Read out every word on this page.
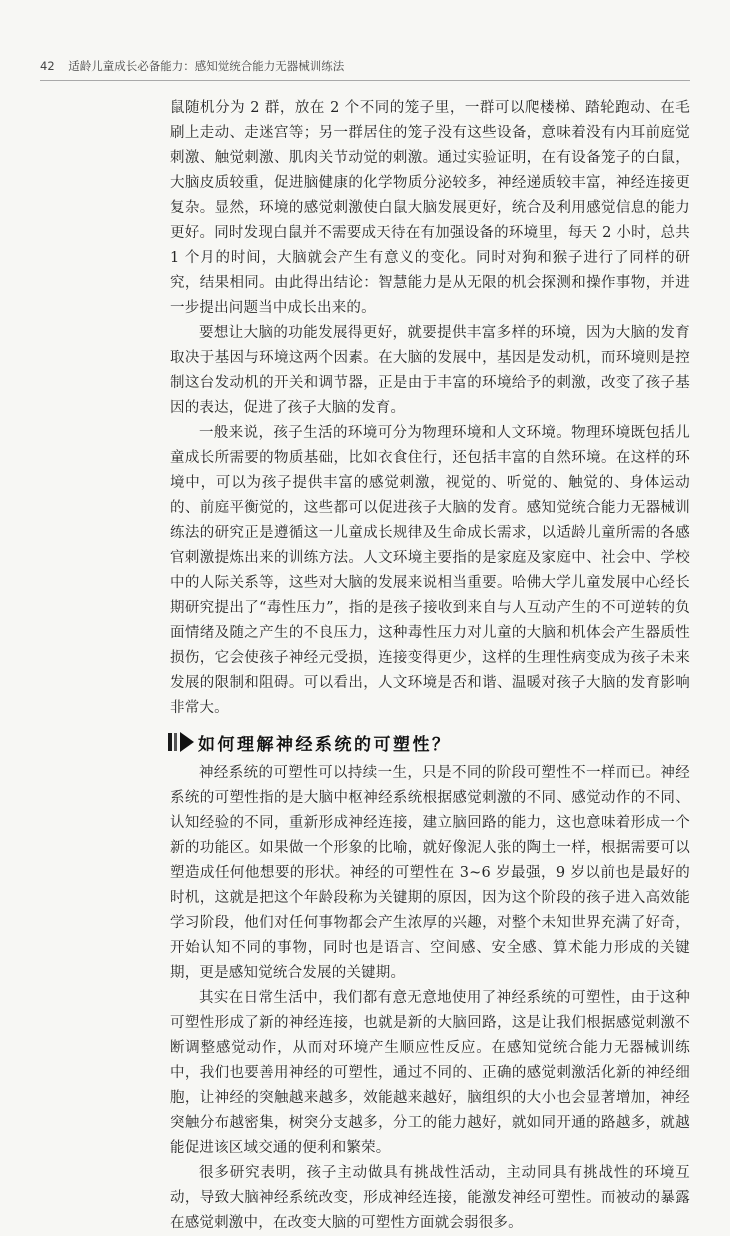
42 适龄儿童成长必备能力：感知觉统合能力无器械训练法

鼠随机分为 2 群，放在 2 个不同的笼子里，一群可以爬楼梯、踏轮跑动、在毛刷上走动、走迷宫等；另一群居住的笼子没有这些设备，意味着没有内耳前庭觉刺激、触觉刺激、肌肉关节动觉的刺激。通过实验证明，在有设备笼子的白鼠，大脑皮质较重，促进脑健康的化学物质分泌较多，神经递质较丰富，神经连接更复杂。显然，环境的感觉刺激使白鼠大脑发展更好，统合及利用感觉信息的能力更好。同时发现白鼠并不需要成天待在有加强设备的环境里，每天 2 小时，总共 1 个月的时间，大脑就会产生有意义的变化。同时对狗和猴子进行了同样的研究，结果相同。由此得出结论：智慧能力是从无限的机会探测和操作事物，并进一步提出问题当中成长出来的。

要想让大脑的功能发展得更好，就要提供丰富多样的环境，因为大脑的发育取决于基因与环境这两个因素。在大脑的发展中，基因是发动机，而环境则是控制这台发动机的开关和调节器，正是由于丰富的环境给予的刺激，改变了孩子基因的表达，促进了孩子大脑的发育。

一般来说，孩子生活的环境可分为物理环境和人文环境。物理环境既包括儿童成长所需要的物质基础，比如衣食住行，还包括丰富的自然环境。在这样的环境中，可以为孩子提供丰富的感觉刺激，视觉的、听觉的、触觉的、身体运动的、前庭平衡觉的，这些都可以促进孩子大脑的发育。感知觉统合能力无器械训练法的研究正是遵循这一儿童成长规律及生命成长需求，以适龄儿童所需的各感官刺激提炼出来的训练方法。人文环境主要指的是家庭及家庭中、社会中、学校中的人际关系等，这些对大脑的发展来说相当重要。哈佛大学儿童发展中心经长期研究提出了“毒性压力”，指的是孩子接收到来自与人互动产生的不可逆转的负面情绪及随之产生的不良压力，这种毒性压力对儿童的大脑和机体会产生器质性损伤，它会使孩子神经元受损，连接变得更少，这样的生理性病变成为孩子未来发展的限制和阻碍。可以看出，人文环境是否和谐、温暖对孩子大脑的发育影响非常大。

如何理解神经系统的可塑性？

神经系统的可塑性可以持续一生，只是不同的阶段可塑性不一样而已。神经系统的可塑性指的是大脑中枢神经系统根据感觉刺激的不同、感觉动作的不同、认知经验的不同，重新形成神经连接，建立脑回路的能力，这也意味着形成一个新的功能区。如果做一个形象的比喻，就好像泥人张的陶土一样，根据需要可以塑造成任何他想要的形状。神经的可塑性在 3~6 岁最强，9 岁以前也是最好的时机，这就是把这个年龄段称为关键期的原因，因为这个阶段的孩子进入高效能学习阶段，他们对任何事物都会产生浓厚的兴趣，对整个未知世界充满了好奇，开始认知不同的事物，同时也是语言、空间感、安全感、算术能力形成的关键期，更是感知觉统合发展的关键期。

其实在日常生活中，我们都有意无意地使用了神经系统的可塑性，由于这种可塑性形成了新的神经连接，也就是新的大脑回路，这是让我们根据感觉刺激不断调整感觉动作，从而对环境产生顺应性反应。在感知觉统合能力无器械训练中，我们也要善用神经的可塑性，通过不同的、正确的感觉刺激活化新的神经细胞，让神经的突触越来越多，效能越来越好，脑组织的大小也会显著增加，神经突触分布越密集，树突分支越多，分工的能力越好，就如同开通的路越多，就越能促进该区域交通的便利和繁荣。

很多研究表明，孩子主动做具有挑战性活动，主动同具有挑战性的环境互动，导致大脑神经系统改变，形成神经连接，能激发神经可塑性。而被动的暴露在感觉刺激中，在改变大脑的可塑性方面就会弱很多。
